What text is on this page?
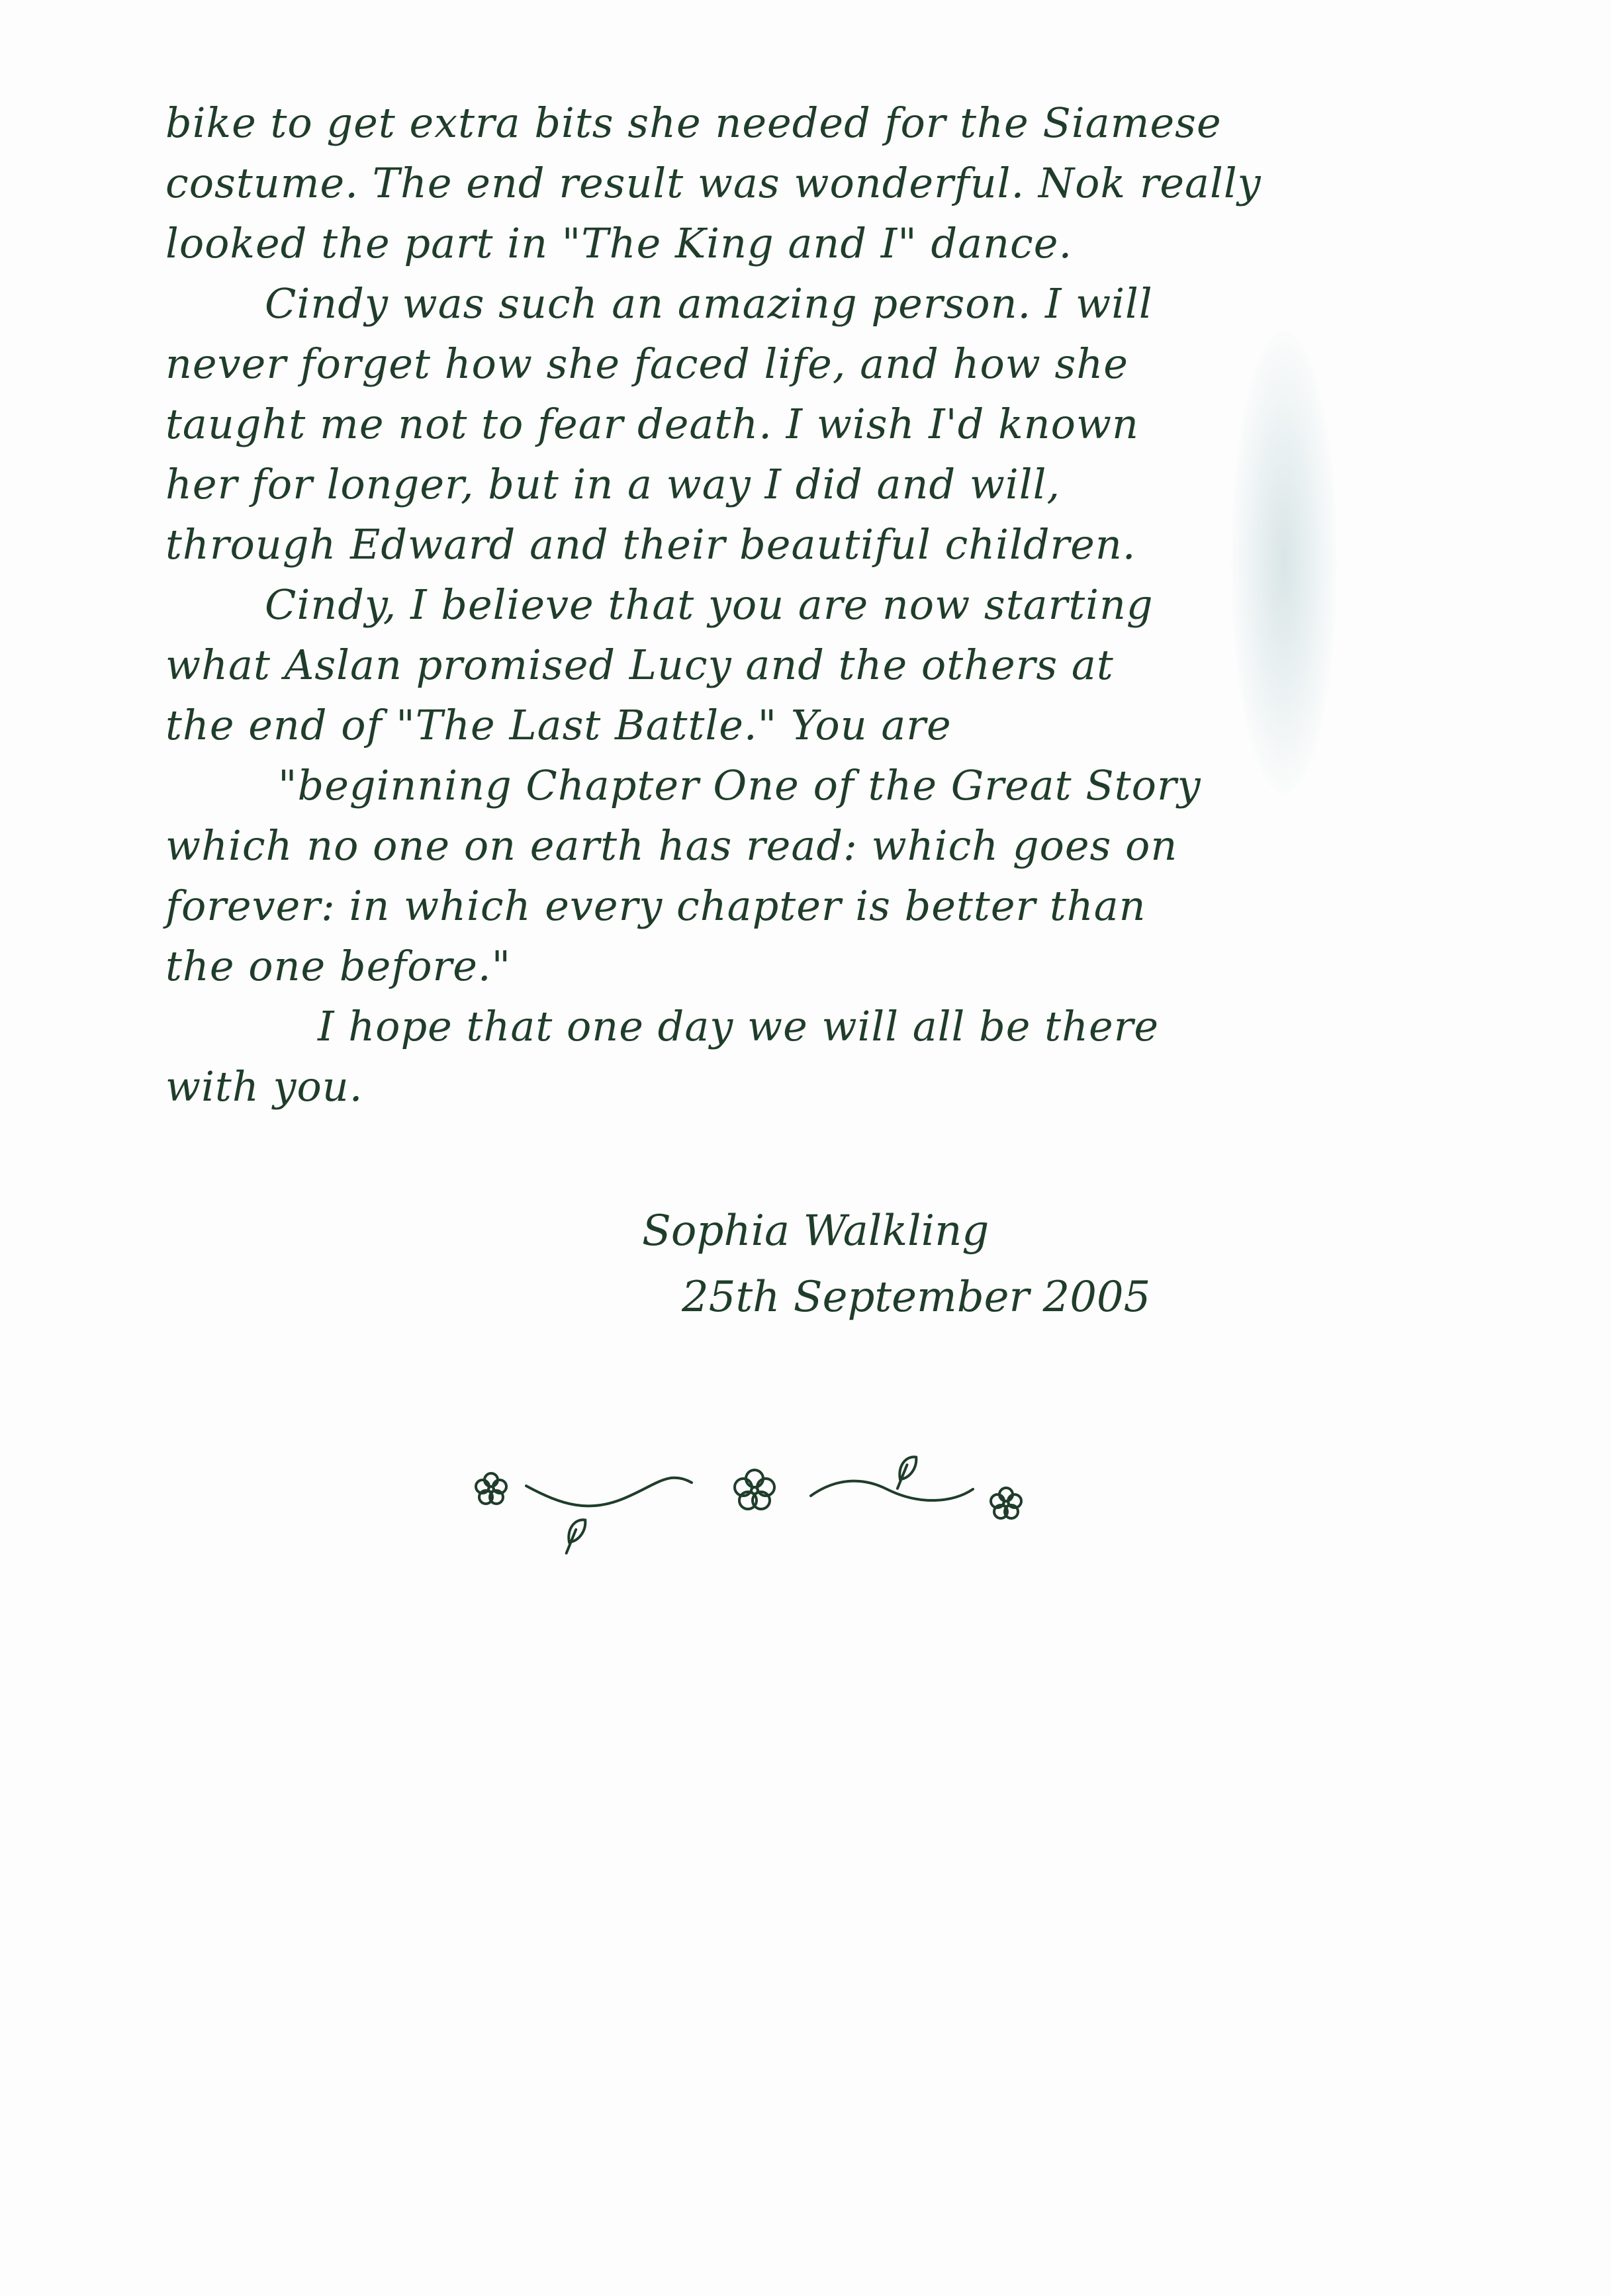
bike to get extra bits she needed for the Siamese
costume. The end result was wonderful. Nok really
looked the part in "The King and I" dance.
Cindy was such an amazing person. I will
never forget how she faced life, and how she
taught me not to fear death. I wish I'd known
her for longer, but in a way I did and will,
through Edward and their beautiful children.
Cindy, I believe that you are now starting
what Aslan promised Lucy and the others at
the end of "The Last Battle." You are
"beginning Chapter One of the Great Story
which no one on earth has read: which goes on
forever: in which every chapter is better than
the one before."
I hope that one day we will all be there
with you.
Sophia Walkling
25th September 2005
